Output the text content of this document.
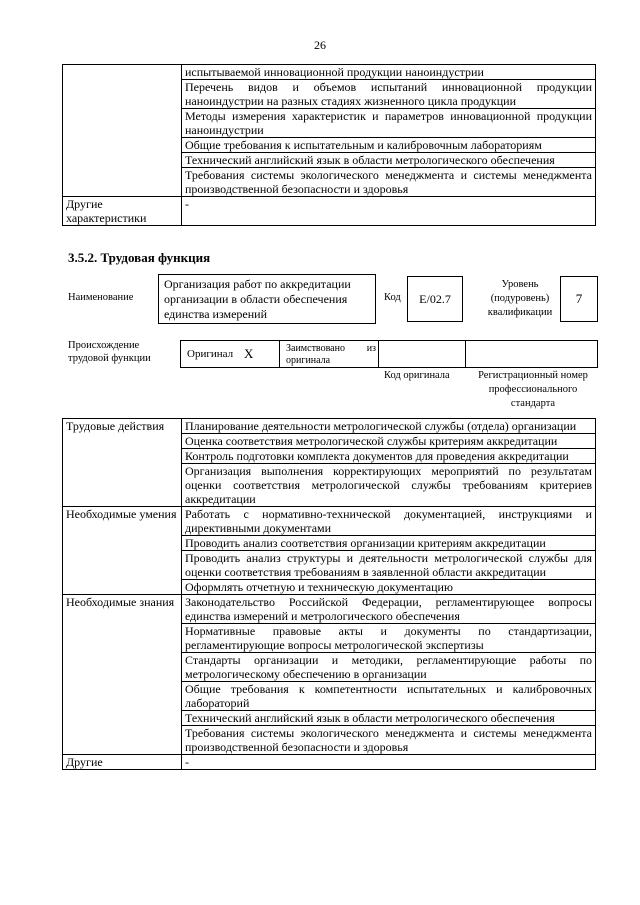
26
	испытываемой инновационной продукции наноиндустрии
	Перечень видов и объемов испытаний инновационной продукции наноиндустрии на разных стадиях жизненного цикла продукции
	Методы измерения характеристик и параметров инновационной продукции наноиндустрии
	Общие требования к испытательным и калибровочным лабораториям
	Технический английский язык в области метрологического обеспечения
	Требования системы экологического менеджмента и системы менеджмента производственной безопасности и здоровья
Другие характеристики	-
3.5.2. Трудовая функция
Наименование
Организация работ по аккредитации организации в области обеспечения единства измерений
Код	E/02.7
Уровень (подуровень) квалификации
7
Происхождение трудовой функции	Оригинал X	Заимствовано из оригинала
Код оригинала	Регистрационный номер профессионального стандарта
Трудовые действия	Планирование деятельности метрологической службы (отдела) организации
	Оценка соответствия метрологической службы критериям аккредитации
	Контроль подготовки комплекта документов для проведения аккредитации
	Организация выполнения корректирующих мероприятий по результатам оценки соответствия метрологической службы требованиям критериев аккредитации
Необходимые умения	Работать с нормативно-технической документацией, инструкциями и директивными документами
	Проводить анализ соответствия организации критериям аккредитации
	Проводить анализ структуры и деятельности метрологической службы для оценки соответствия требованиям в заявленной области аккредитации
	Оформлять отчетную и техническую документацию
Необходимые знания	Законодательство Российской Федерации, регламентирующее вопросы единства измерений и метрологического обеспечения
	Нормативные правовые акты и документы по стандартизации, регламентирующие вопросы метрологической экспертизы
	Стандарты организации и методики, регламентирующие работы по метрологическому обеспечению в организации
	Общие требования к компетентности испытательных и калибровочных лабораторий
	Технический английский язык в области метрологического обеспечения
	Требования системы экологического менеджмента и системы менеджмента производственной безопасности и здоровья
Другие	-
